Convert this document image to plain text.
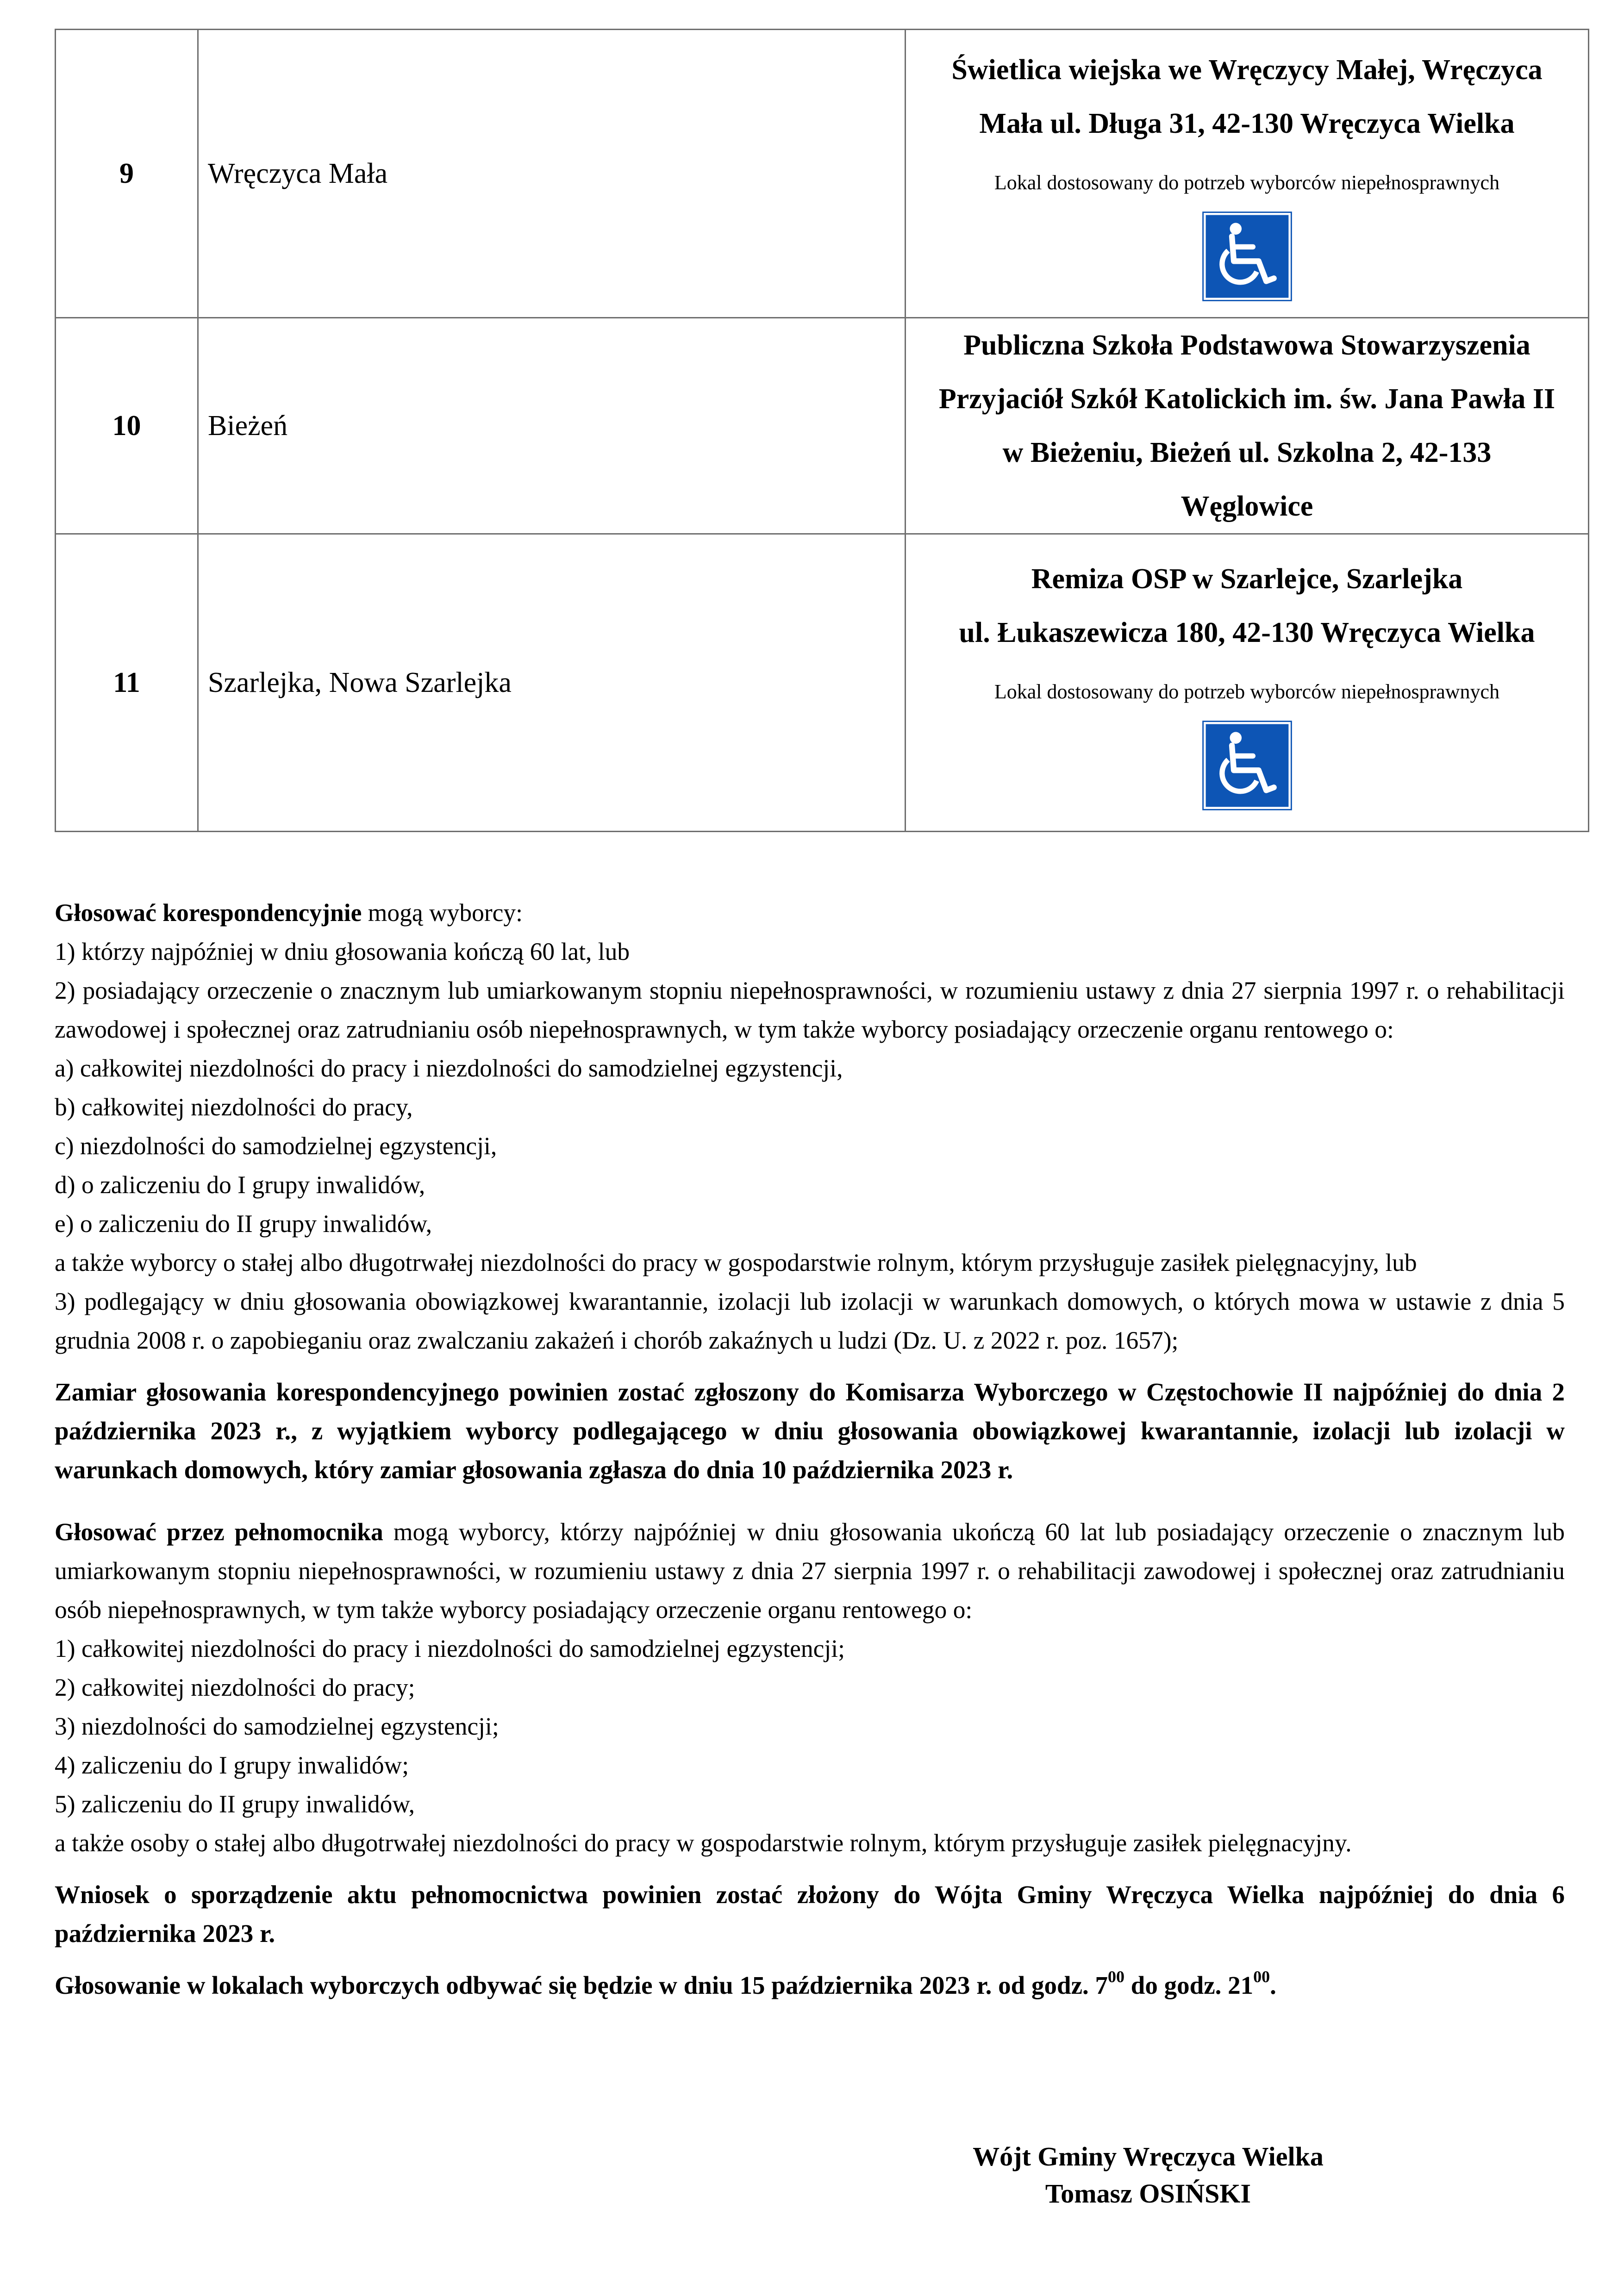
9	Wręczyca Mała	Świetlica wiejska we Wręczycy Małej, Wręczyca
Mała ul. Długa 31, 42-130 Wręczyca Wielka
Lokal dostosowany do potrzeb wyborców niepełnosprawnych

10	Bieżeń	Publiczna Szkoła Podstawowa Stowarzyszenia
Przyjaciół Szkół Katolickich im. św. Jana Pawła II
w Bieżeniu, Bieżeń ul. Szkolna 2, 42-133
Węglowice

11	Szarlejka, Nowa Szarlejka	Remiza OSP w Szarlejce, Szarlejka
ul. Łukaszewicza 180, 42-130 Wręczyca Wielka
Lokal dostosowany do potrzeb wyborców niepełnosprawnych

Głosować korespondencyjnie mogą wyborcy:

1) którzy najpóźniej w dniu głosowania kończą 60 lat, lub

2) posiadający orzeczenie o znacznym lub umiarkowanym stopniu niepełnosprawności, w rozumieniu ustawy z dnia 27 sierpnia 1997 r. o rehabilitacji zawodowej i społecznej oraz zatrudnianiu osób niepełnosprawnych, w tym także wyborcy posiadający orzeczenie organu rentowego o:

a) całkowitej niezdolności do pracy i niezdolności do samodzielnej egzystencji,

b) całkowitej niezdolności do pracy,

c) niezdolności do samodzielnej egzystencji,

d) o zaliczeniu do I grupy inwalidów,

e) o zaliczeniu do II grupy inwalidów,

a także wyborcy o stałej albo długotrwałej niezdolności do pracy w gospodarstwie rolnym, którym przysługuje zasiłek pielęgnacyjny, lub

3) podlegający w dniu głosowania obowiązkowej kwarantannie, izolacji lub izolacji w warunkach domowych, o których mowa w ustawie z dnia 5 grudnia 2008 r. o zapobieganiu oraz zwalczaniu zakażeń i chorób zakaźnych u ludzi (Dz. U. z 2022 r. poz. 1657);

Zamiar głosowania korespondencyjnego powinien zostać zgłoszony do Komisarza Wyborczego w Częstochowie II najpóźniej do dnia 2 października 2023 r., z wyjątkiem wyborcy podlegającego w dniu głosowania obowiązkowej kwarantannie, izolacji lub izolacji w warunkach domowych, który zamiar głosowania zgłasza do dnia 10 października 2023 r.

Głosować przez pełnomocnika mogą wyborcy, którzy najpóźniej w dniu głosowania ukończą 60 lat lub posiadający orzeczenie o znacznym lub umiarkowanym stopniu niepełnosprawności, w rozumieniu ustawy z dnia 27 sierpnia 1997 r. o rehabilitacji zawodowej i społecznej oraz zatrudnianiu osób niepełnosprawnych, w tym także wyborcy posiadający orzeczenie organu rentowego o:

1) całkowitej niezdolności do pracy i niezdolności do samodzielnej egzystencji;

2) całkowitej niezdolności do pracy;

3) niezdolności do samodzielnej egzystencji;

4) zaliczeniu do I grupy inwalidów;

5) zaliczeniu do II grupy inwalidów,

a także osoby o stałej albo długotrwałej niezdolności do pracy w gospodarstwie rolnym, którym przysługuje zasiłek pielęgnacyjny.

Wniosek o sporządzenie aktu pełnomocnictwa powinien zostać złożony do Wójta Gminy Wręczyca Wielka najpóźniej do dnia 6 października 2023 r.

Głosowanie w lokalach wyborczych odbywać się będzie w dniu 15 października 2023 r. od godz. $7^{00}$ do godz. $21^{00}$.

Wójt Gminy Wręczyca Wielka
Tomasz OSIŃSKI
